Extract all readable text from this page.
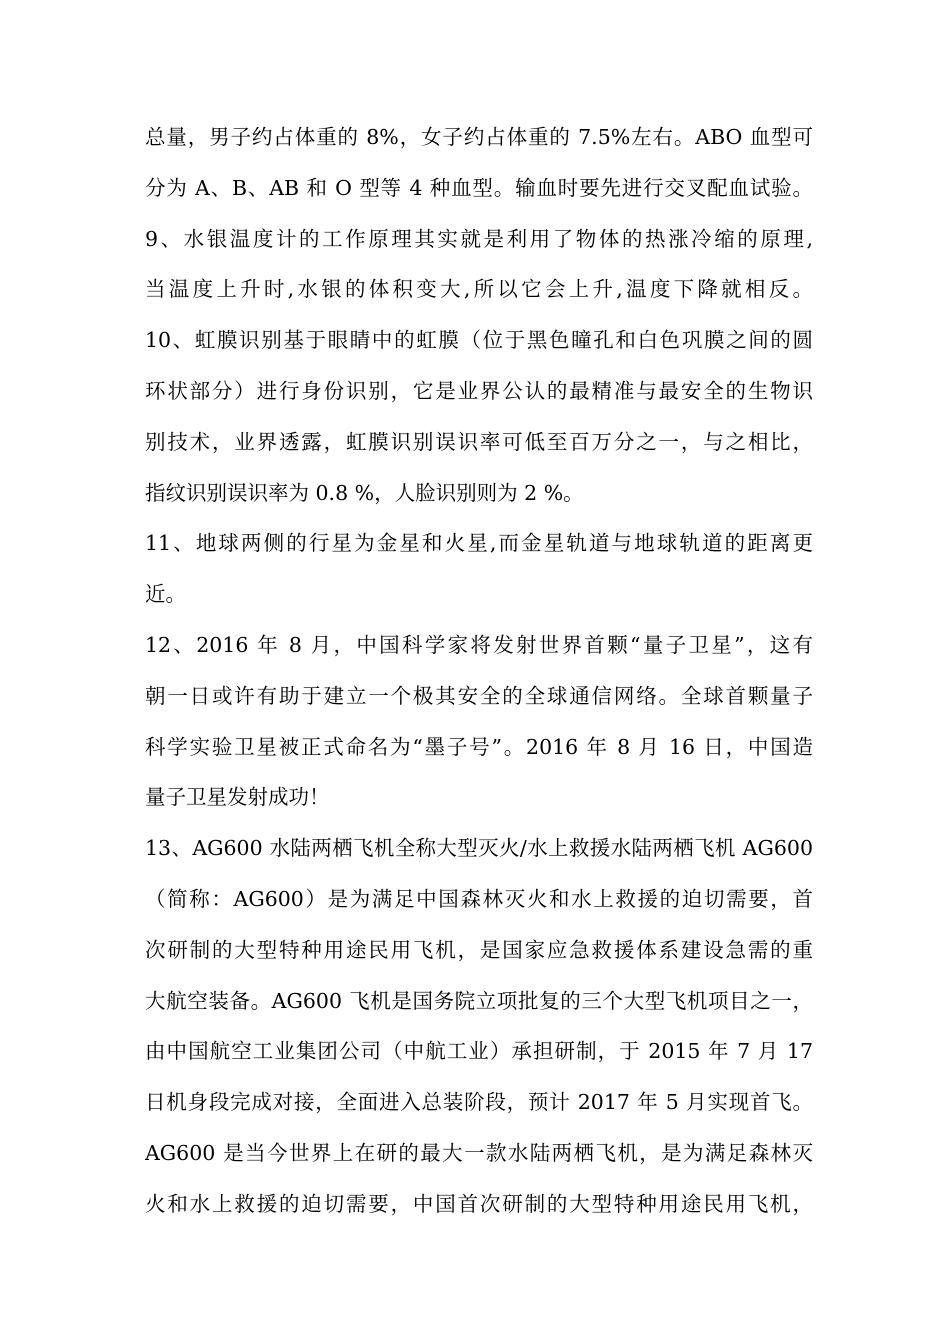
总量，男子约占体重的 8%，女子约占体重的 7.5%左右。ABO 血型可
分为 A、B、AB 和 O 型等 4 种血型。输血时要先进行交叉配血试验。
9、水银温度计的工作原理其实就是利用了物体的热涨冷缩的原理,
当温度上升时,水银的体积变大,所以它会上升,温度下降就相反。
10、虹膜识别基于眼睛中的虹膜（位于黑色瞳孔和白色巩膜之间的圆
环状部分）进行身份识别，它是业界公认的最精准与最安全的生物识
别技术，业界透露，虹膜识别误识率可低至百万分之一，与之相比，
指纹识别误识率为 0.8 %，人脸识别则为 2 %。
11、地球两侧的行星为金星和火星,而金星轨道与地球轨道的距离更
近。
12、2016 年 8 月，中国科学家将发射世界首颗“量子卫星”，这有
朝一日或许有助于建立一个极其安全的全球通信网络。全球首颗量子
科学实验卫星被正式命名为“墨子号”。2016 年 8 月 16 日，中国造
量子卫星发射成功！
13、AG600 水陆两栖飞机全称大型灭火/水上救援水陆两栖飞机 AG600
（简称：AG600）是为满足中国森林灭火和水上救援的迫切需要，首
次研制的大型特种用途民用飞机，是国家应急救援体系建设急需的重
大航空装备。AG600 飞机是国务院立项批复的三个大型飞机项目之一，
由中国航空工业集团公司（中航工业）承担研制，于 2015 年 7 月 17
日机身段完成对接，全面进入总装阶段，预计 2017 年 5 月实现首飞。
AG600 是当今世界上在研的最大一款水陆两栖飞机，是为满足森林灭
火和水上救援的迫切需要，中国首次研制的大型特种用途民用飞机，
